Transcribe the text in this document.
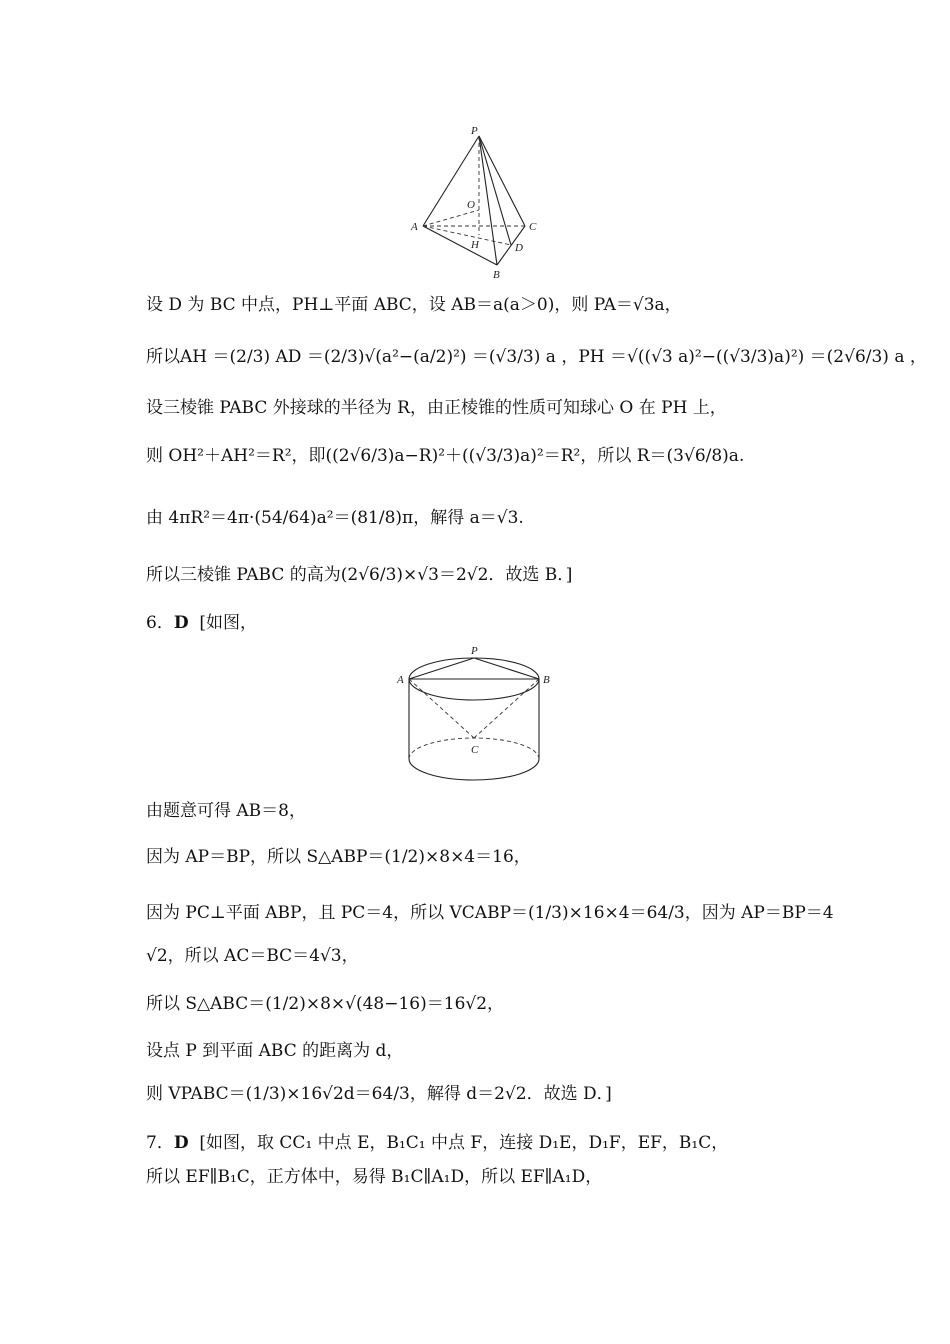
P
O
A	C
H	D
B
设 D 为 BC 中点，PH⊥平面 ABC，设 AB＝a(a＞0)，则 PA＝√3a，
所以AH ＝(2/3) AD ＝(2/3)√(a²−(a/2)²) ＝(√3/3) a ，PH ＝√((√3 a)²−((√3/3)a)²) ＝(2√6/3) a ，
设三棱锥 PABC 外接球的半径为 R，由正棱锥的性质可知球心 O 在 PH 上，
则 OH²＋AH²＝R²，即((2√6/3)a−R)²＋((√3/3)a)²＝R²，所以 R＝(3√6/8)a.
由 4πR²＝4π·(54/64)a²＝(81/8)π，解得 a＝√3.
所以三棱锥 PABC 的高为(2√6/3)×√3＝2√2．故选 B．]
6．D [如图，
P
A	B
C
由题意可得 AB＝8，
因为 AP＝BP，所以 S△ABP＝(1/2)×8×4＝16，
因为 PC⊥平面 ABP，且 PC＝4，所以 VCABP＝(1/3)×16×4＝64/3，因为 AP＝BP＝4
√2，所以 AC＝BC＝4√3，
所以 S△ABC＝(1/2)×8×√(48−16)＝16√2，
设点 P 到平面 ABC 的距离为 d，
则 VPABC＝(1/3)×16√2d＝64/3，解得 d＝2√2．故选 D．]
7．D [如图，取 CC₁ 中点 E，B₁C₁ 中点 F，连接 D₁E，D₁F，EF，B₁C，
所以 EF∥B₁C，正方体中，易得 B₁C∥A₁D，所以 EF∥A₁D，
